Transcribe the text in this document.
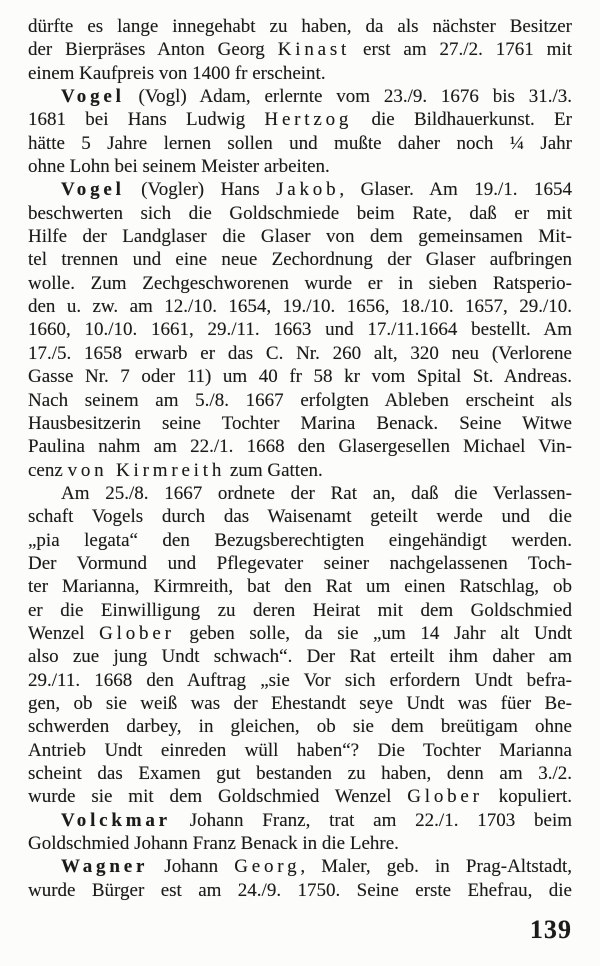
dürfte es lange innegehabt zu haben, da als nächster Besitzer
der Bierpräses Anton Georg Kinast erst am 27./2. 1761 mit
einem Kaufpreis von 1400 fr erscheint.
Vogel (Vogl) Adam, erlernte vom 23./9. 1676 bis 31./3.
1681 bei Hans Ludwig Hertzog die Bildhauerkunst. Er
hätte 5 Jahre lernen sollen und mußte daher noch ¼ Jahr
ohne Lohn bei seinem Meister arbeiten.
Vogel (Vogler) Hans Jakob, Glaser. Am 19./1. 1654
beschwerten sich die Goldschmiede beim Rate, daß er mit
Hilfe der Landglaser die Glaser von dem gemeinsamen Mit-
tel trennen und eine neue Zechordnung der Glaser aufbringen
wolle. Zum Zechgeschworenen wurde er in sieben Ratsperio-
den u. zw. am 12./10. 1654, 19./10. 1656, 18./10. 1657, 29./10.
1660, 10./10. 1661, 29./11. 1663 und 17./11.1664 bestellt. Am
17./5. 1658 erwarb er das C. Nr. 260 alt, 320 neu (Verlorene
Gasse Nr. 7 oder 11) um 40 fr 58 kr vom Spital St. Andreas.
Nach seinem am 5./8. 1667 erfolgten Ableben erscheint als
Hausbesitzerin seine Tochter Marina Benack. Seine Witwe
Paulina nahm am 22./1. 1668 den Glasergesellen Michael Vin-
cenz von Kirmreith zum Gatten.
Am 25./8. 1667 ordnete der Rat an, daß die Verlassen-
schaft Vogels durch das Waisenamt geteilt werde und die
„pia legata“ den Bezugsberechtigten eingehändigt werden.
Der Vormund und Pflegevater seiner nachgelassenen Toch-
ter Marianna, Kirmreith, bat den Rat um einen Ratschlag, ob
er die Einwilligung zu deren Heirat mit dem Goldschmied
Wenzel Glober geben solle, da sie „um 14 Jahr alt Undt
also zue jung Undt schwach“. Der Rat erteilt ihm daher am
29./11. 1668 den Auftrag „sie Vor sich erfordern Undt befra-
gen, ob sie weiß was der Ehestandt seye Undt was füer Be-
schwerden darbey, in gleichen, ob sie dem breütigam ohne
Antrieb Undt einreden wüll haben“? Die Tochter Marianna
scheint das Examen gut bestanden zu haben, denn am 3./2.
wurde sie mit dem Goldschmied Wenzel Glober kopuliert.
Volckmar Johann Franz, trat am 22./1. 1703 beim
Goldschmied Johann Franz Benack in die Lehre.
Wagner Johann Georg, Maler, geb. in Prag-Altstadt,
wurde Bürger est am 24./9. 1750. Seine erste Ehefrau, die
139
